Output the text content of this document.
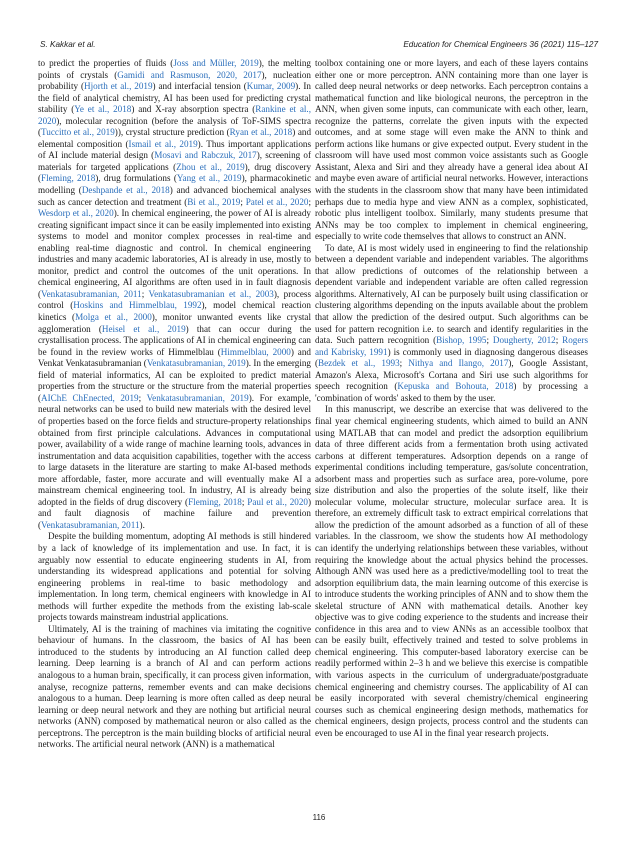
S. Kakkar et al.	Education for Chemical Engineers 36 (2021) 115–127

to predict the properties of fluids (Joss and Müller, 2019), the melting points of crystals (Gamidi and Rasmuson, 2020, 2017), nucleation probability (Hjorth et al., 2019) and interfacial tension (Kumar, 2009). In the field of analytical chemistry, AI has been used for predicting crystal stability (Ye et al., 2018) and X-ray absorption spectra (Rankine et al., 2020), molecular recognition (before the analysis of ToF-SIMS spectra (Tuccitto et al., 2019)), crystal structure prediction (Ryan et al., 2018) and elemental composition (Ismail et al., 2019). Thus important applications of AI include material design (Mosavi and Rabczuk, 2017), screening of materials for targeted applications (Zhou et al., 2019), drug discovery (Fleming, 2018), drug formulations (Yang et al., 2019), pharmacokinetic modelling (Deshpande et al., 2018) and advanced biochemical analyses such as cancer detection and treatment (Bi et al., 2019; Patel et al., 2020; Wesdorp et al., 2020). In chemical engineering, the power of AI is already creating significant impact since it can be easily implemented into existing systems to model and monitor complex processes in real-time and enabling real-time diagnostic and control. In chemical engineering industries and many academic laboratories, AI is already in use, mostly to monitor, predict and control the outcomes of the unit operations. In chemical engineering, AI algorithms are often used in in fault diagnosis (Venkatasubramanian, 2011; Venkatasubramanian et al., 2003), process control (Hoskins and Himmelblau, 1992), model chemical reaction kinetics (Molga et al., 2000), monitor unwanted events like crystal agglomeration (Heisel et al., 2019) that can occur during the crystallisation process. The applications of AI in chemical engineering can be found in the review works of Himmelblau (Himmelblau, 2000) and Venkat Venkatasubramanian (Venkatasubramanian, 2019). In the emerging field of material informatics, AI can be exploited to predict material properties from the structure or the structure from the material properties (AIChE ChEnected, 2019; Venkatasubramanian, 2019). For example, neural networks can be used to build new materials with the desired level of properties based on the force fields and structure-property relationships obtained from first principle calculations. Advances in computational power, availability of a wide range of machine learning tools, advances in instrumentation and data acquisition capabilities, together with the access to large datasets in the literature are starting to make AI-based methods more affordable, faster, more accurate and will eventually make AI a mainstream chemical engineering tool. In industry, AI is already being adopted in the fields of drug discovery (Fleming, 2018; Paul et al., 2020) and fault diagnosis of machine failure and prevention (Venkatasubramanian, 2011).

Despite the building momentum, adopting AI methods is still hindered by a lack of knowledge of its implementation and use. In fact, it is arguably now essential to educate engineering students in AI, from understanding its widespread applications and potential for solving engineering problems in real-time to basic methodology and implementation. In long term, chemical engineers with knowledge in AI methods will further expedite the methods from the existing lab-scale projects towards mainstream industrial applications.

Ultimately, AI is the training of machines via imitating the cognitive behaviour of humans. In the classroom, the basics of AI has been introduced to the students by introducing an AI function called deep learning. Deep learning is a branch of AI and can perform actions analogous to a human brain, specifically, it can process given information, analyse, recognize patterns, remember events and can make decisions analogous to a human. Deep learning is more often called as deep neural learning or deep neural network and they are nothing but artificial neural networks (ANN) composed by mathematical neuron or also called as the perceptrons. The perceptron is the main building blocks of artificial neural networks. The artificial neural network (ANN) is a mathematical

toolbox containing one or more layers, and each of these layers contains either one or more perceptron. ANN containing more than one layer is called deep neural networks or deep networks. Each perceptron contains a mathematical function and like biological neurons, the perceptron in the ANN, when given some inputs, can communicate with each other, learn, recognize the patterns, correlate the given inputs with the expected outcomes, and at some stage will even make the ANN to think and perform actions like humans or give expected output. Every student in the classroom will have used most common voice assistants such as Google Assistant, Alexa and Siri and they already have a general idea about AI and maybe even aware of artificial neural networks. However, interactions with the students in the classroom show that many have been intimidated perhaps due to media hype and view ANN as a complex, sophisticated, robotic plus intelligent toolbox. Similarly, many students presume that ANNs may be too complex to implement in chemical engineering, especially to write code themselves that allows to construct an ANN.

To date, AI is most widely used in engineering to find the relationship between a dependent variable and independent variables. The algorithms that allow predictions of outcomes of the relationship between a dependent variable and independent variable are often called regression algorithms. Alternatively, AI can be purposely built using classification or clustering algorithms depending on the inputs available about the problem that allow the prediction of the desired output. Such algorithms can be used for pattern recognition i.e. to search and identify regularities in the data. Such pattern recognition (Bishop, 1995; Dougherty, 2012; Rogers and Kabrisky, 1991) is commonly used in diagnosing dangerous diseases (Bezdek et al., 1993; Nithya and Ilango, 2017), Google Assistant, Amazon's Alexa, Microsoft's Cortana and Siri use such algorithms for speech recognition (Kepuska and Bohouta, 2018) by processing a 'combination of words' asked to them by the user.

In this manuscript, we describe an exercise that was delivered to the final year chemical engineering students, which aimed to build an ANN using MATLAB that can model and predict the adsorption equilibrium data of three different acids from a fermentation broth using activated carbons at different temperatures. Adsorption depends on a range of experimental conditions including temperature, gas/solute concentration, adsorbent mass and properties such as surface area, pore-volume, pore size distribution and also the properties of the solute itself, like their molecular volume, molecular structure, molecular surface area. It is therefore, an extremely difficult task to extract empirical correlations that allow the prediction of the amount adsorbed as a function of all of these variables. In the classroom, we show the students how AI methodology can identify the underlying relationships between these variables, without requiring the knowledge about the actual physics behind the processes. Although ANN was used here as a predictive/modelling tool to treat the adsorption equilibrium data, the main learning outcome of this exercise is to introduce students the working principles of ANN and to show them the skeletal structure of ANN with mathematical details. Another key objective was to give coding experience to the students and increase their confidence in this area and to view ANNs as an accessible toolbox that can be easily built, effectively trained and tested to solve problems in chemical engineering. This computer-based laboratory exercise can be readily performed within 2–3 h and we believe this exercise is compatible with various aspects in the curriculum of undergraduate/postgraduate chemical engineering and chemistry courses. The applicability of AI can be easily incorporated with several chemistry/chemical engineering courses such as chemical engineering design methods, mathematics for chemical engineers, design projects, process control and the students can even be encouraged to use AI in the final year research projects.

116
